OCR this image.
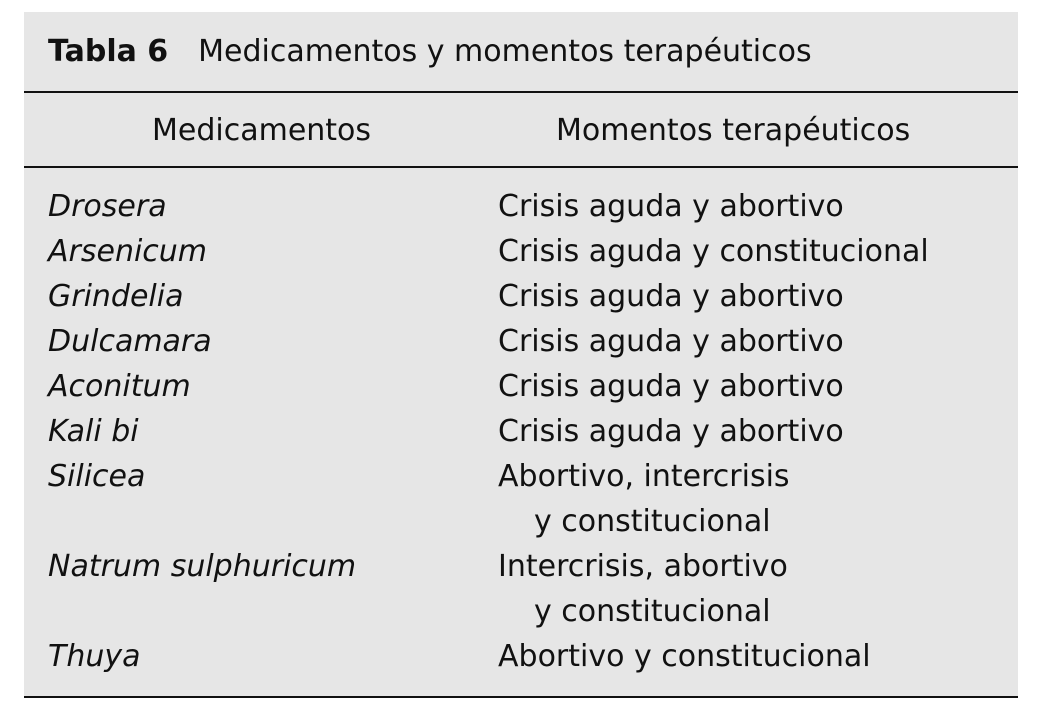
Tabla 6 Medicamentos y momentos terapéuticos
Medicamentos	Momentos terapéuticos
Drosera	Crisis aguda y abortivo
Arsenicum	Crisis aguda y constitucional
Grindelia	Crisis aguda y abortivo
Dulcamara	Crisis aguda y abortivo
Aconitum	Crisis aguda y abortivo
Kali bi	Crisis aguda y abortivo
Silicea	Abortivo, intercrisis
y constitucional
Natrum sulphuricum	Intercrisis, abortivo
y constitucional
Thuya	Abortivo y constitucional
